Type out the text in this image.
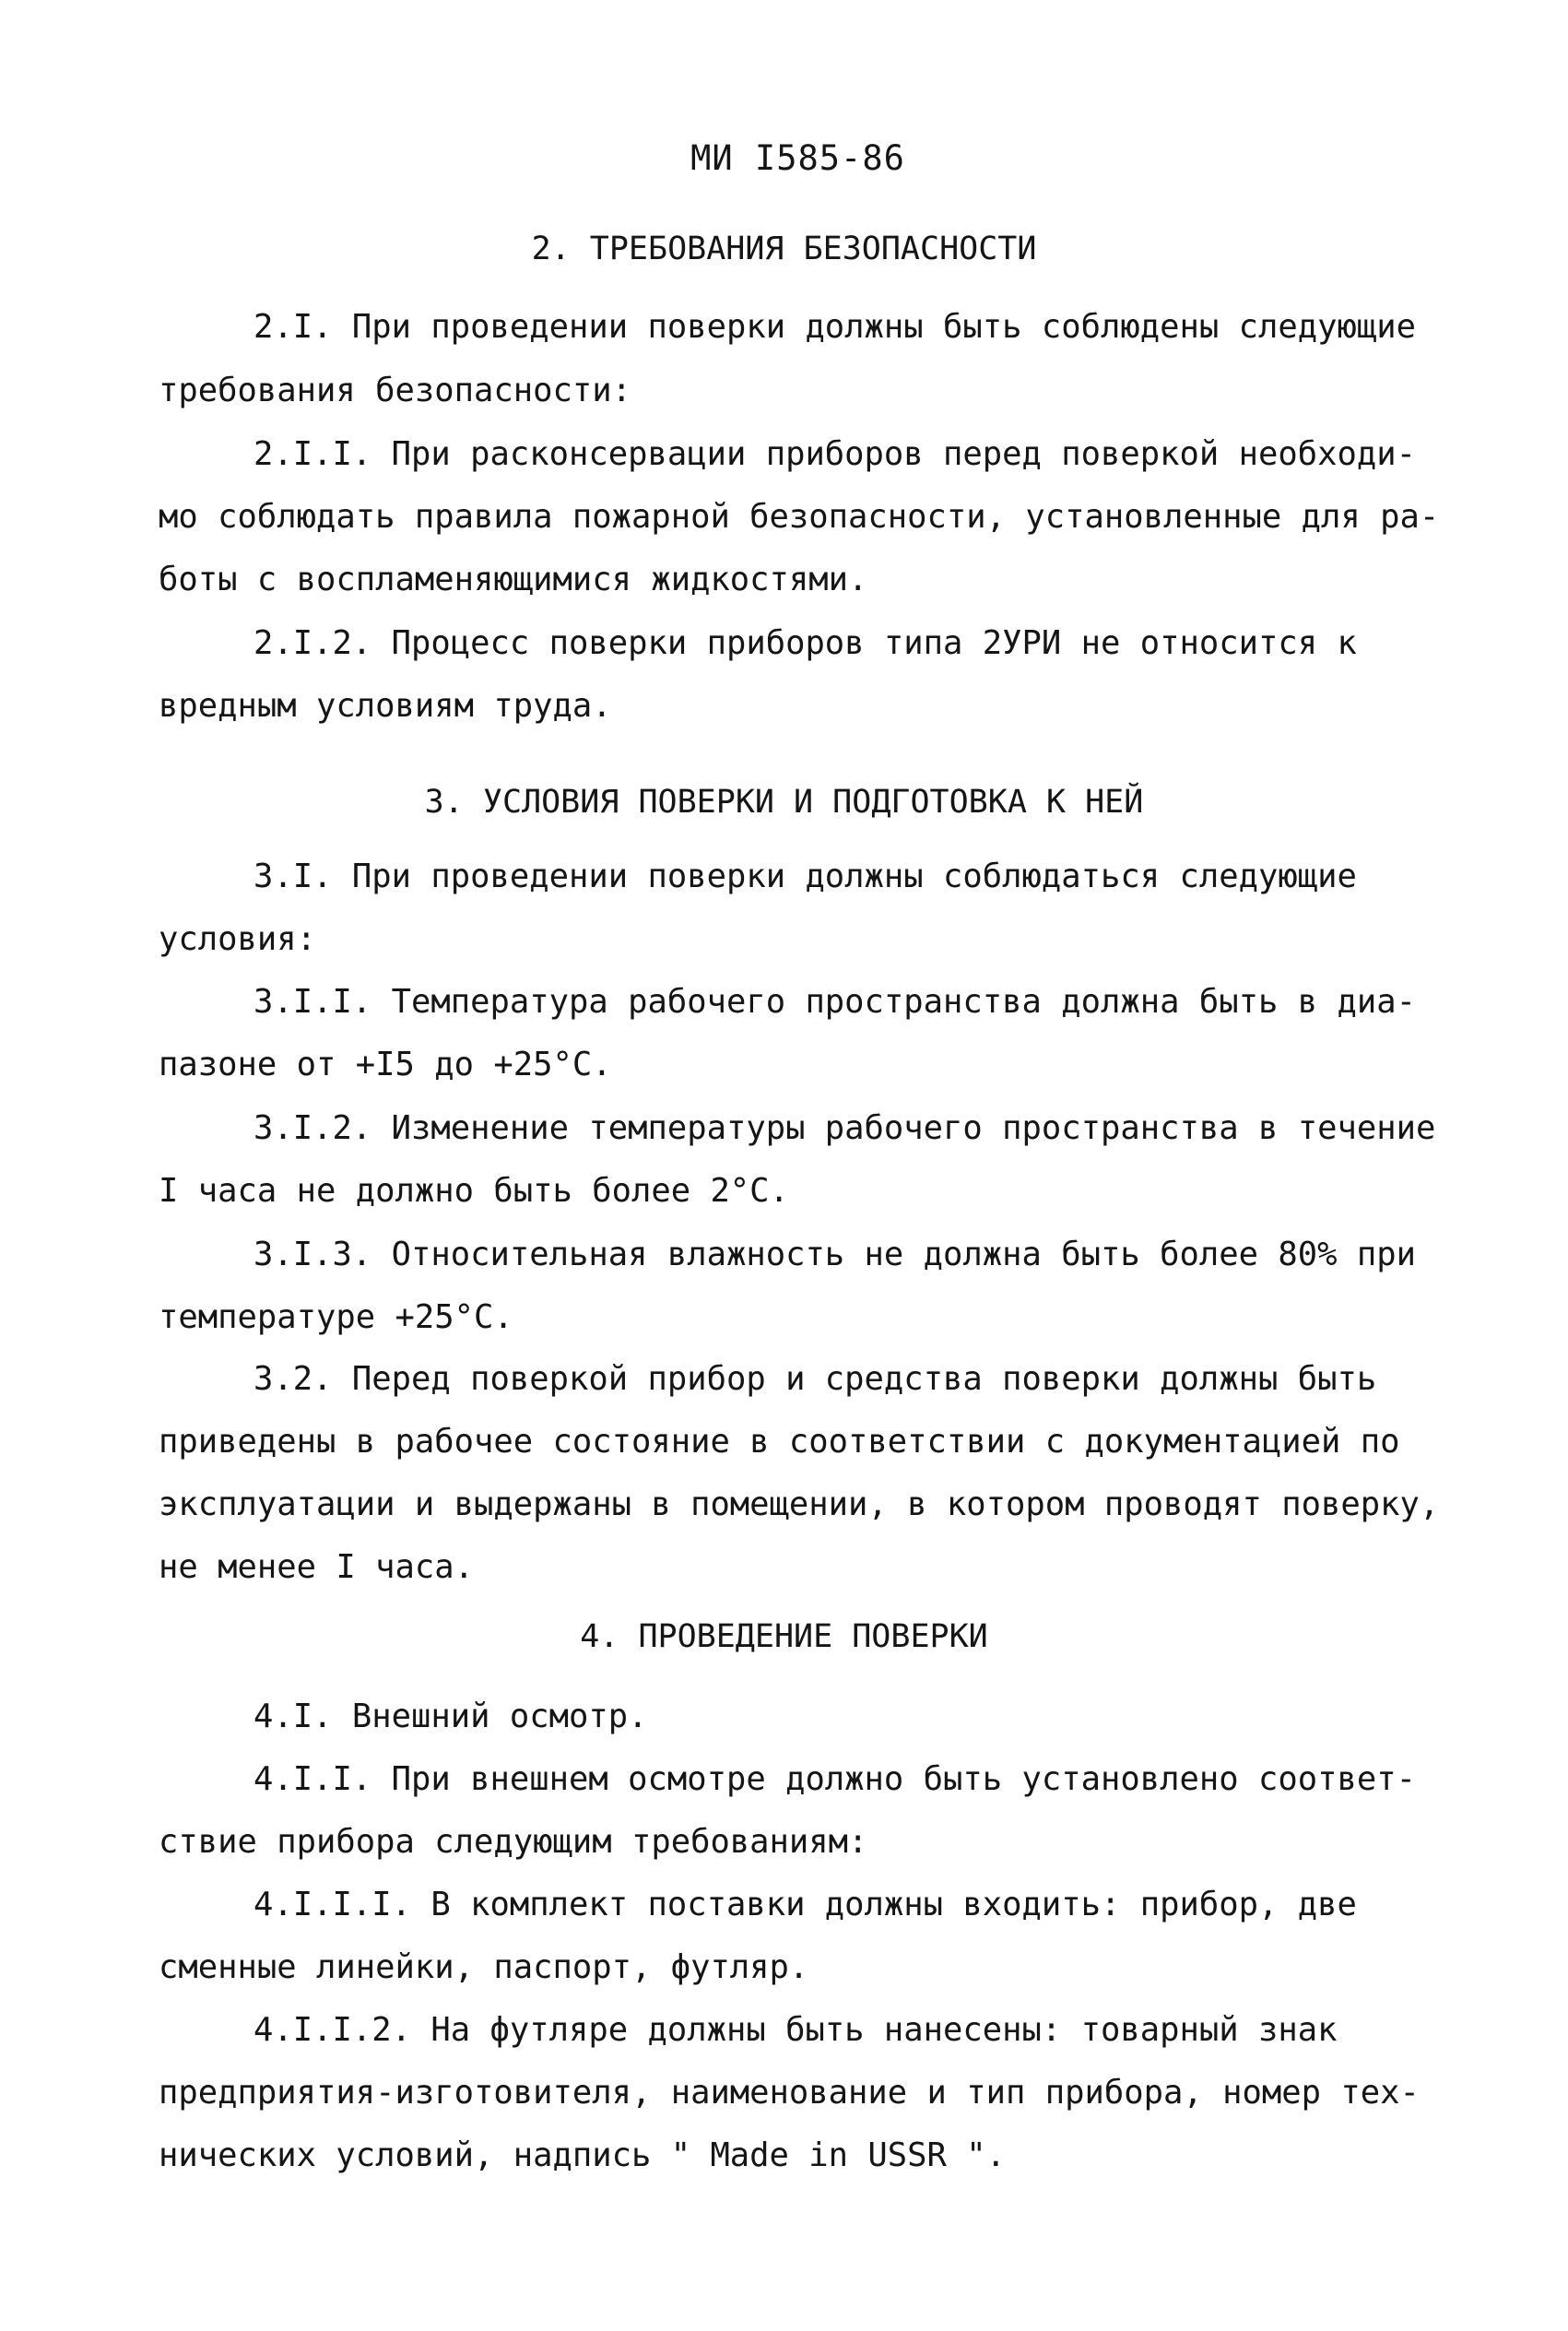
МИ I585-86
2. ТРЕБОВАНИЯ БЕЗОПАСНОСТИ
2.I. При проведении поверки должны быть соблюдены следующие
требования безопасности:
2.I.I. При расконсервации приборов перед поверкой необходи-
мо соблюдать правила пожарной безопасности, установленные для ра-
боты с воспламеняющимися жидкостями.
2.I.2. Процесс поверки приборов типа 2УРИ не относится к
вредным условиям труда.
3. УСЛОВИЯ ПОВЕРКИ И ПОДГОТОВКА К НЕЙ
3.I. При проведении поверки должны соблюдаться следующие
условия:
3.I.I. Температура рабочего пространства должна быть в диа-
пазоне от +I5 до +25°С.
3.I.2. Изменение температуры рабочего пространства в течение
I часа не должно быть более 2°С.
3.I.3. Относительная влажность не должна быть более 80% при
температуре +25°С.
3.2. Перед поверкой прибор и средства поверки должны быть
приведены в рабочее состояние в соответствии с документацией по
эксплуатации и выдержаны в помещении, в котором проводят поверку,
не менее I часа.
4. ПРОВЕДЕНИЕ ПОВЕРКИ
4.I. Внешний осмотр.
4.I.I. При внешнем осмотре должно быть установлено соответ-
ствие прибора следующим требованиям:
4.I.I.I. В комплект поставки должны входить: прибор, две
сменные линейки, паспорт, футляр.
4.I.I.2. На футляре должны быть нанесены: товарный знак
предприятия-изготовителя, наименование и тип прибора, номер тех-
нических условий, надпись " Made in USSR ".
